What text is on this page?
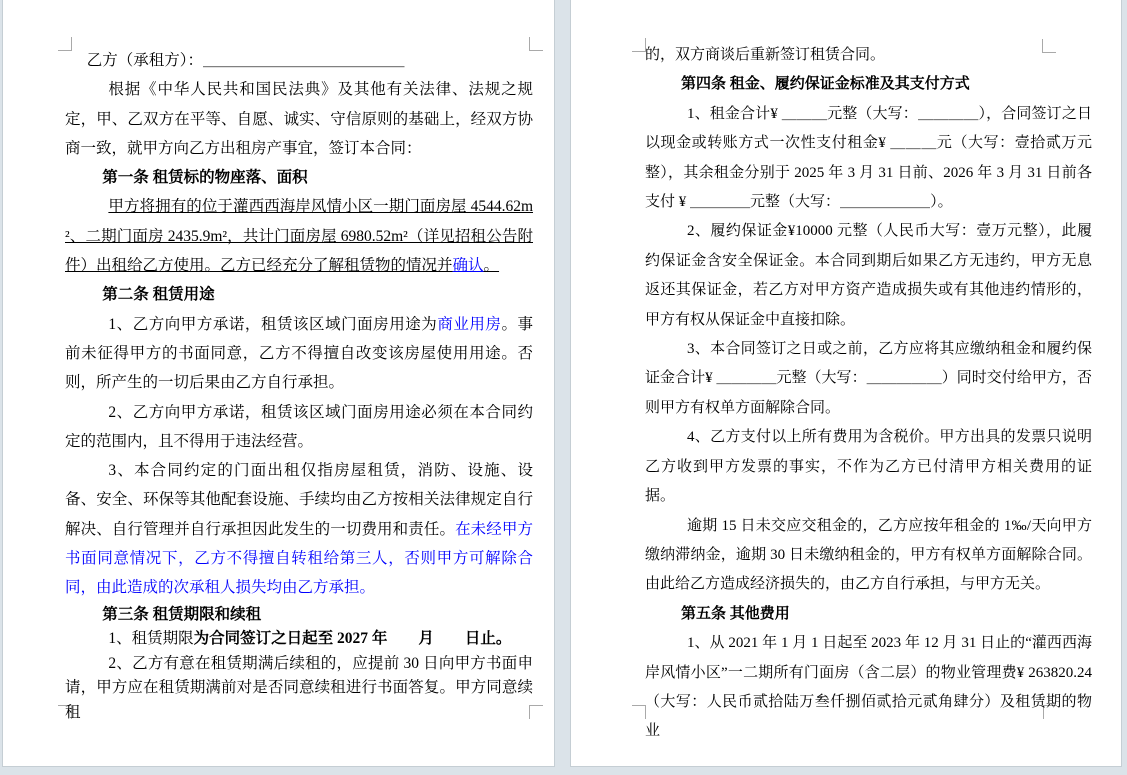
乙方（承租方）：＿＿＿＿＿＿＿＿＿＿＿＿＿

根据《中华人民共和国民法典》及其他有关法律、法规之规定，甲、乙双方在平等、自愿、诚实、守信原则的基础上，经双方协商一致，就甲方向乙方出租房产事宜，签订本合同：

第一条 租赁标的物座落、面积

甲方将拥有的位于灌西西海岸风情小区一期门面房屋 4544.62m²、二期门面房 2435.9m²，共计门面房屋 6980.52m²（详见招租公告附件）出租给乙方使用。乙方已经充分了解租赁物的情况并确认。

第二条 租赁用途

1、乙方向甲方承诺，租赁该区域门面房用途为商业用房。事前未征得甲方的书面同意，乙方不得擅自改变该房屋使用用途。否则，所产生的一切后果由乙方自行承担。

2、乙方向甲方承诺，租赁该区域门面房用途必须在本合同约定的范围内，且不得用于违法经营。

3、本合同约定的门面出租仅指房屋租赁，消防、设施、设备、安全、环保等其他配套设施、手续均由乙方按相关法律规定自行解决、自行管理并自行承担因此发生的一切费用和责任。在未经甲方书面同意情况下，乙方不得擅自转租给第三人，否则甲方可解除合同，由此造成的次承租人损失均由乙方承担。

第三条 租赁期限和续租

1、租赁期限为合同签订之日起至 2027 年　　月　　日止。

2、乙方有意在租赁期满后续租的，应提前 30 日向甲方书面申请，甲方应在租赁期满前对是否同意续租进行书面答复。甲方同意续租

的，双方商谈后重新签订租赁合同。

第四条 租金、履约保证金标准及其支付方式

1、租金合计¥ ＿＿＿元整（大写：＿＿＿＿），合同签订之日以现金或转账方式一次性支付租金¥ ＿＿＿元（大写：壹拾贰万元整），其余租金分别于 2025 年 3 月 31 日前、2026 年 3 月 31 日前各支付 ¥ ＿＿＿＿元整（大写：＿＿＿＿＿＿）。

2、履约保证金¥10000 元整（人民币大写：壹万元整），此履约保证金含安全保证金。本合同到期后如果乙方无违约，甲方无息返还其保证金，若乙方对甲方资产造成损失或有其他违约情形的，甲方有权从保证金中直接扣除。

3、本合同签订之日或之前，乙方应将其应缴纳租金和履约保证金合计¥ ＿＿＿＿元整（大写：＿＿＿＿＿）同时交付给甲方，否则甲方有权单方面解除合同。

4、乙方支付以上所有费用为含税价。甲方出具的发票只说明乙方收到甲方发票的事实，不作为乙方已付清甲方相关费用的证据。

逾期 15 日未交应交租金的，乙方应按年租金的 1‰/天向甲方缴纳滞纳金，逾期 30 日未缴纳租金的，甲方有权单方面解除合同。由此给乙方造成经济损失的，由乙方自行承担，与甲方无关。

第五条 其他费用

1、从 2021 年 1 月 1 日起至 2023 年 12 月 31 日止的“灌西西海岸风情小区”一二期所有门面房（含二层）的物业管理费¥ 263820.24（大写：人民币贰拾陆万叁仟捌佰贰拾元贰角肆分）及租赁期的物业
